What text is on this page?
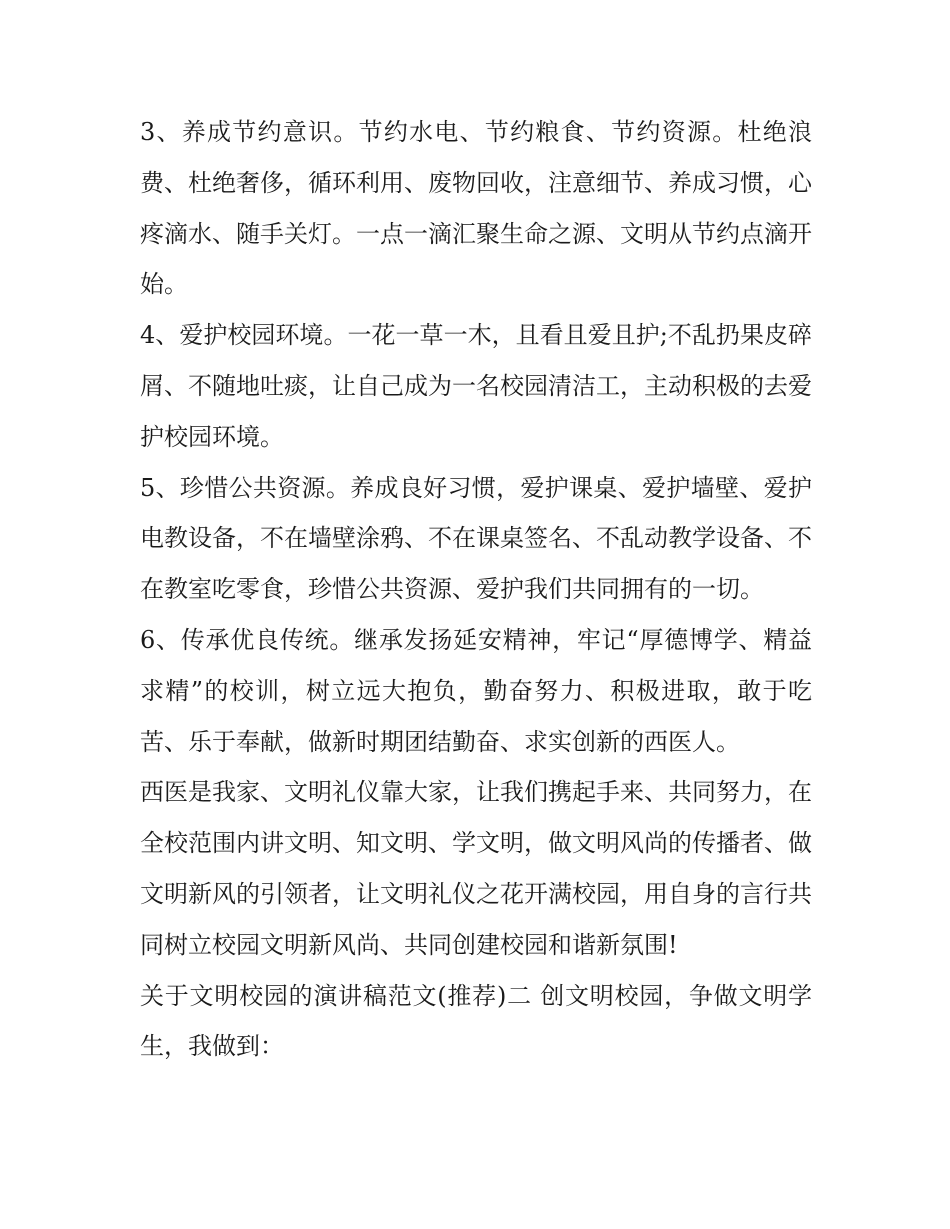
3、养成节约意识。节约水电、节约粮食、节约资源。杜绝浪费、杜绝奢侈，循环利用、废物回收，注意细节、养成习惯，心疼滴水、随手关灯。一点一滴汇聚生命之源、文明从节约点滴开始。

4、爱护校园环境。一花一草一木，且看且爱且护;不乱扔果皮碎屑、不随地吐痰，让自己成为一名校园清洁工，主动积极的去爱护校园环境。

5、珍惜公共资源。养成良好习惯，爱护课桌、爱护墙壁、爱护电教设备，不在墙壁涂鸦、不在课桌签名、不乱动教学设备、不在教室吃零食，珍惜公共资源、爱护我们共同拥有的一切。

6、传承优良传统。继承发扬延安精神，牢记“厚德博学、精益求精”的校训，树立远大抱负，勤奋努力、积极进取，敢于吃苦、乐于奉献，做新时期团结勤奋、求实创新的西医人。

西医是我家、文明礼仪靠大家，让我们携起手来、共同努力，在全校范围内讲文明、知文明、学文明，做文明风尚的传播者、做文明新风的引领者，让文明礼仪之花开满校园，用自身的言行共同树立校园文明新风尚、共同创建校园和谐新氛围!

关于文明校园的演讲稿范文(推荐)二 创文明校园，争做文明学生，我做到：
